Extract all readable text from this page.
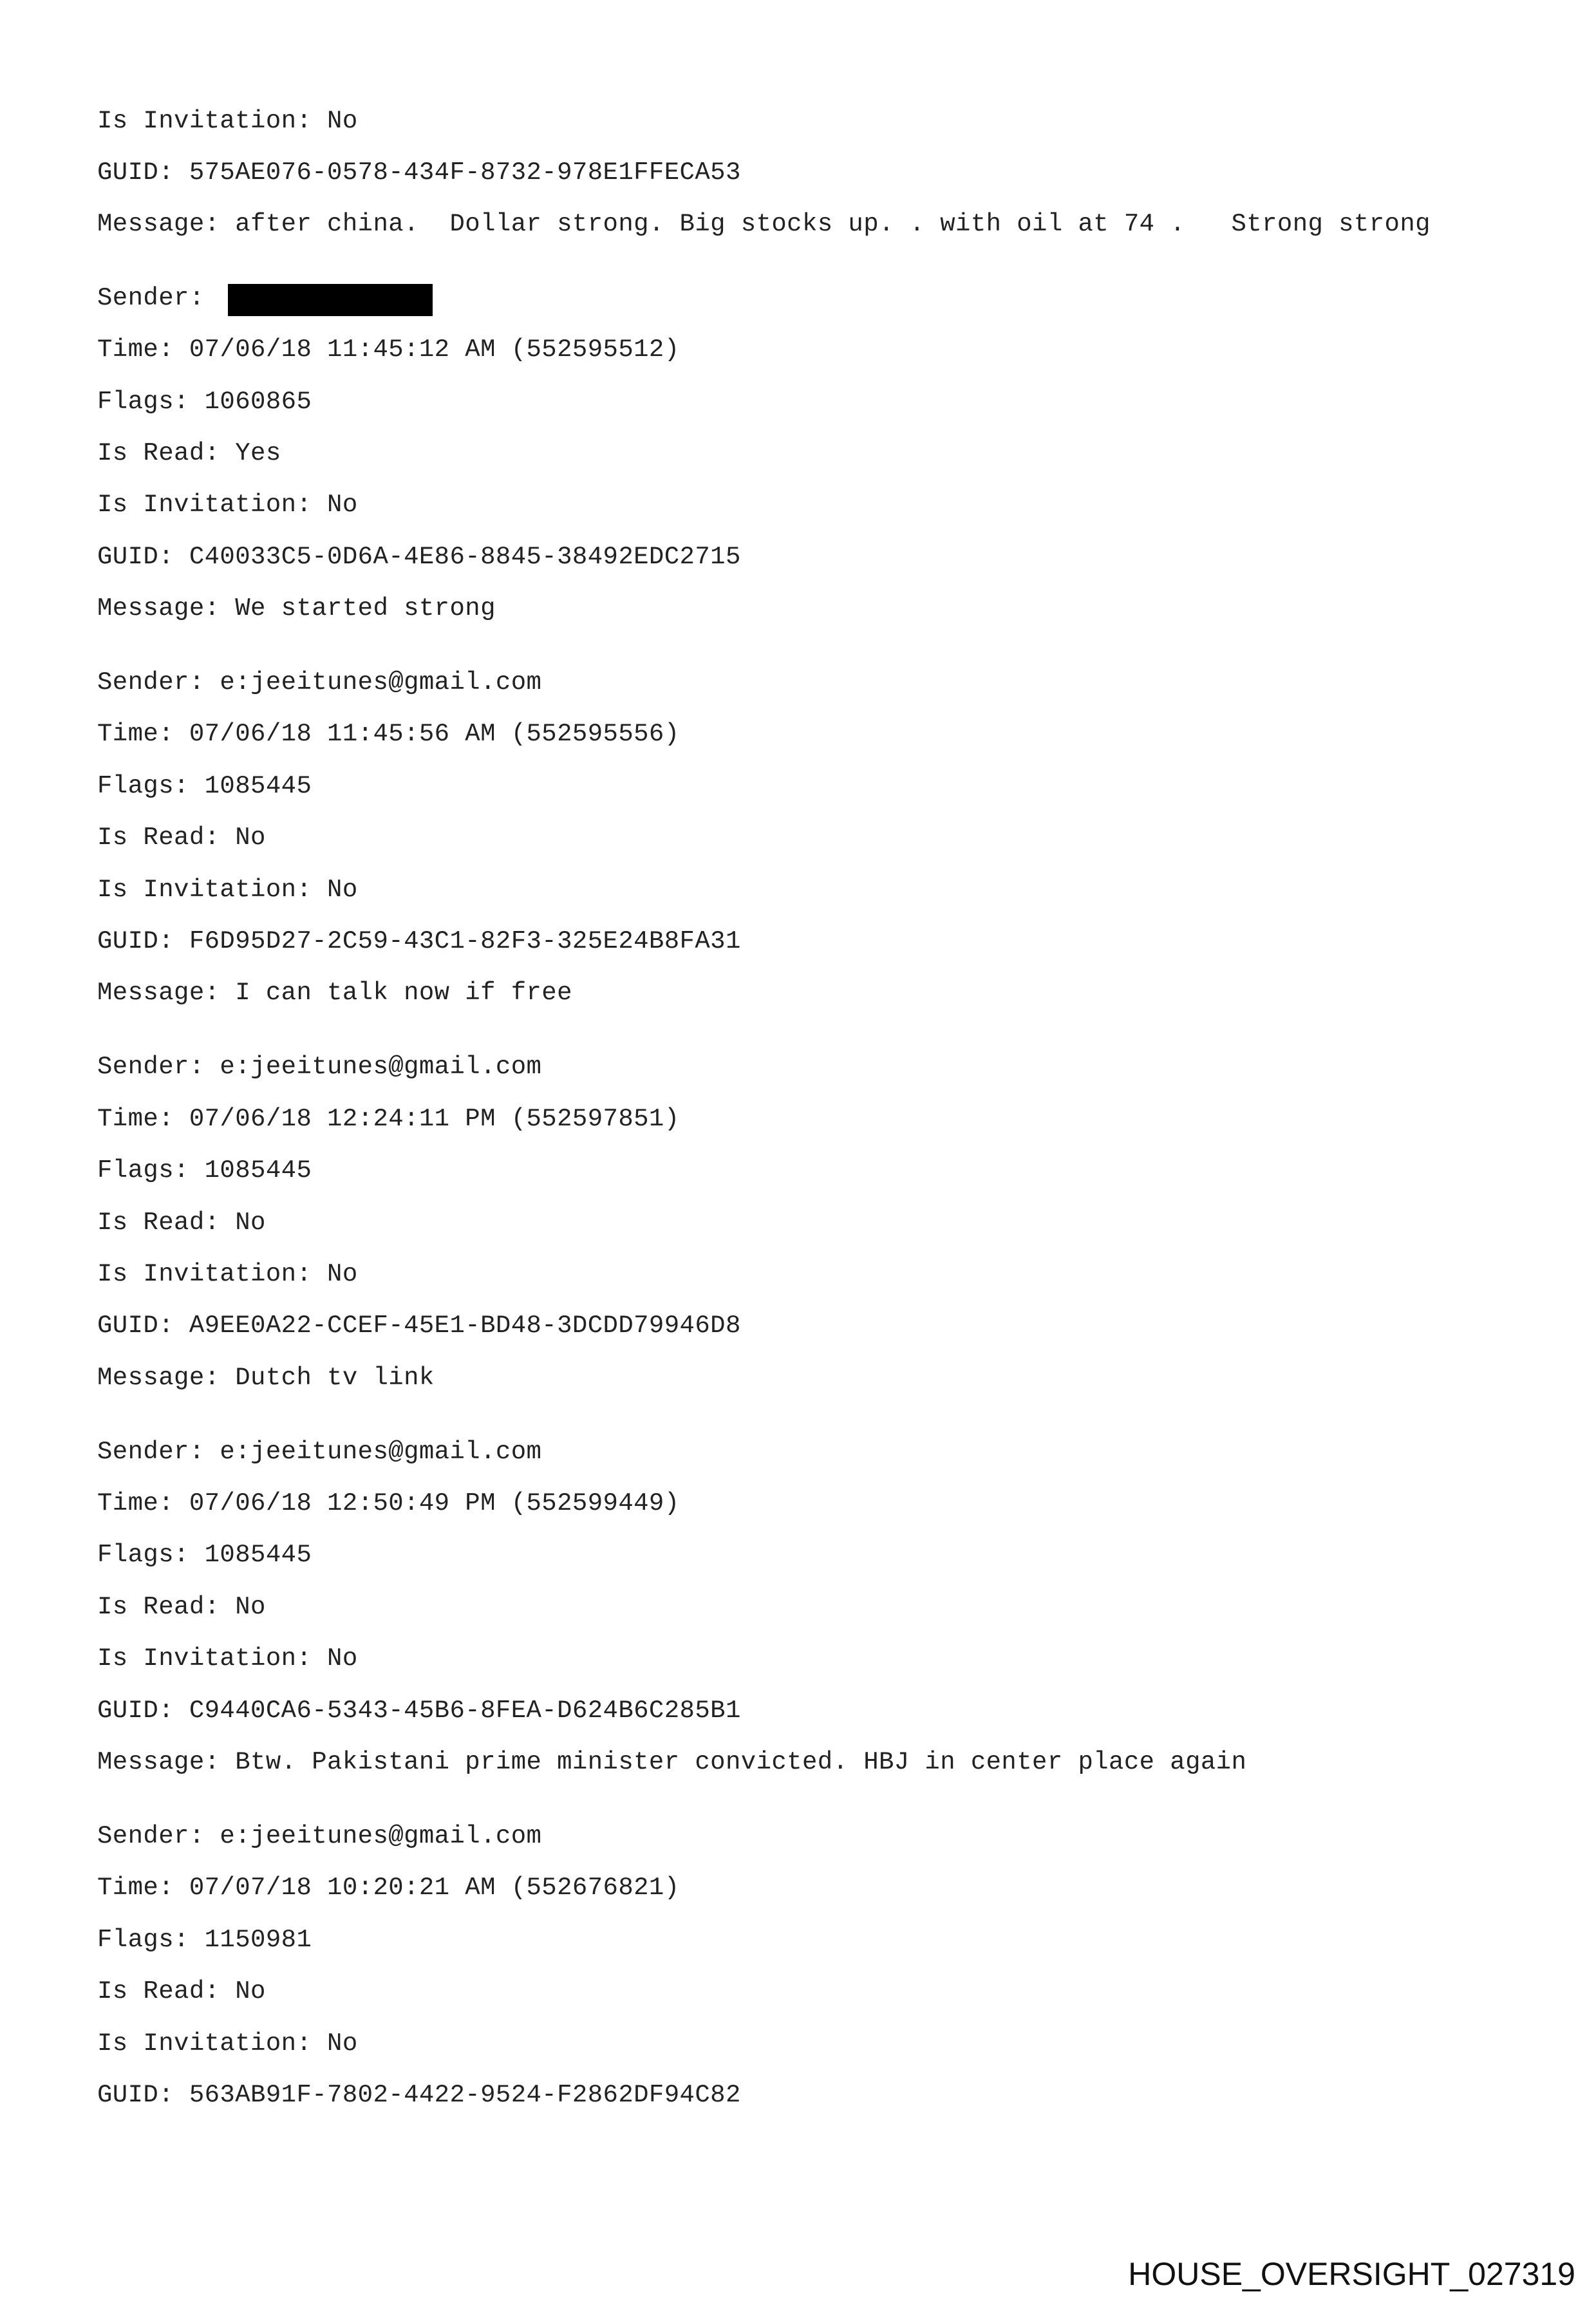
Is Invitation: No
GUID: 575AE076-0578-434F-8732-978E1FFECA53
Message: after china.  Dollar strong. Big stocks up. . with oil at 74 .   Strong strong
Sender:
Time: 07/06/18 11:45:12 AM (552595512)
Flags: 1060865
Is Read: Yes
Is Invitation: No
GUID: C40033C5-0D6A-4E86-8845-38492EDC2715
Message: We started strong
Sender: e:jeeitunes@gmail.com
Time: 07/06/18 11:45:56 AM (552595556)
Flags: 1085445
Is Read: No
Is Invitation: No
GUID: F6D95D27-2C59-43C1-82F3-325E24B8FA31
Message: I can talk now if free
Sender: e:jeeitunes@gmail.com
Time: 07/06/18 12:24:11 PM (552597851)
Flags: 1085445
Is Read: No
Is Invitation: No
GUID: A9EE0A22-CCEF-45E1-BD48-3DCDD79946D8
Message: Dutch tv link
Sender: e:jeeitunes@gmail.com
Time: 07/06/18 12:50:49 PM (552599449)
Flags: 1085445
Is Read: No
Is Invitation: No
GUID: C9440CA6-5343-45B6-8FEA-D624B6C285B1
Message: Btw. Pakistani prime minister convicted. HBJ in center place again
Sender: e:jeeitunes@gmail.com
Time: 07/07/18 10:20:21 AM (552676821)
Flags: 1150981
Is Read: No
Is Invitation: No
GUID: 563AB91F-7802-4422-9524-F2862DF94C82
HOUSE_OVERSIGHT_027319
